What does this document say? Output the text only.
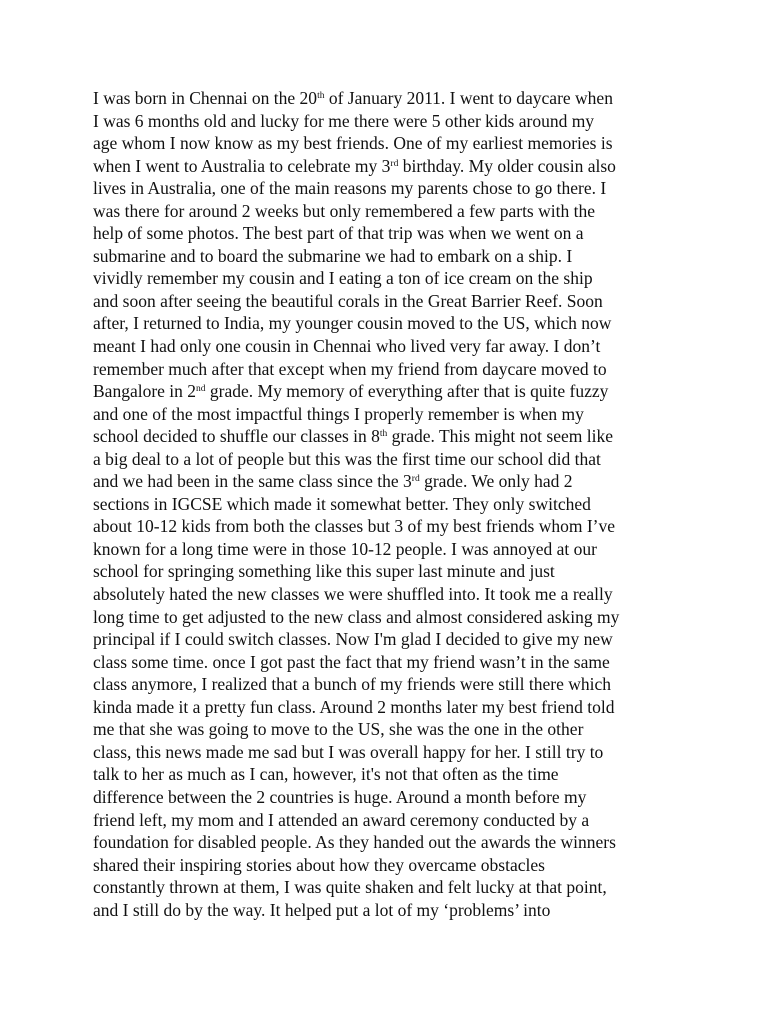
I was born in Chennai on the 20th of January 2011. I went to daycare when
I was 6 months old and lucky for me there were 5 other kids around my
age whom I now know as my best friends. One of my earliest memories is
when I went to Australia to celebrate my 3rd birthday. My older cousin also
lives in Australia, one of the main reasons my parents chose to go there. I
was there for around 2 weeks but only remembered a few parts with the
help of some photos. The best part of that trip was when we went on a
submarine and to board the submarine we had to embark on a ship. I
vividly remember my cousin and I eating a ton of ice cream on the ship
and soon after seeing the beautiful corals in the Great Barrier Reef. Soon
after, I returned to India, my younger cousin moved to the US, which now
meant I had only one cousin in Chennai who lived very far away. I don’t
remember much after that except when my friend from daycare moved to
Bangalore in 2nd grade. My memory of everything after that is quite fuzzy
and one of the most impactful things I properly remember is when my
school decided to shuffle our classes in 8th grade. This might not seem like
a big deal to a lot of people but this was the first time our school did that
and we had been in the same class since the 3rd grade. We only had 2
sections in IGCSE which made it somewhat better. They only switched
about 10-12 kids from both the classes but 3 of my best friends whom I’ve
known for a long time were in those 10-12 people. I was annoyed at our
school for springing something like this super last minute and just
absolutely hated the new classes we were shuffled into. It took me a really
long time to get adjusted to the new class and almost considered asking my
principal if I could switch classes. Now I'm glad I decided to give my new
class some time. once I got past the fact that my friend wasn’t in the same
class anymore, I realized that a bunch of my friends were still there which
kinda made it a pretty fun class. Around 2 months later my best friend told
me that she was going to move to the US, she was the one in the other
class, this news made me sad but I was overall happy for her. I still try to
talk to her as much as I can, however, it's not that often as the time
difference between the 2 countries is huge. Around a month before my
friend left, my mom and I attended an award ceremony conducted by a
foundation for disabled people. As they handed out the awards the winners
shared their inspiring stories about how they overcame obstacles
constantly thrown at them, I was quite shaken and felt lucky at that point,
and I still do by the way. It helped put a lot of my ‘problems’ into
